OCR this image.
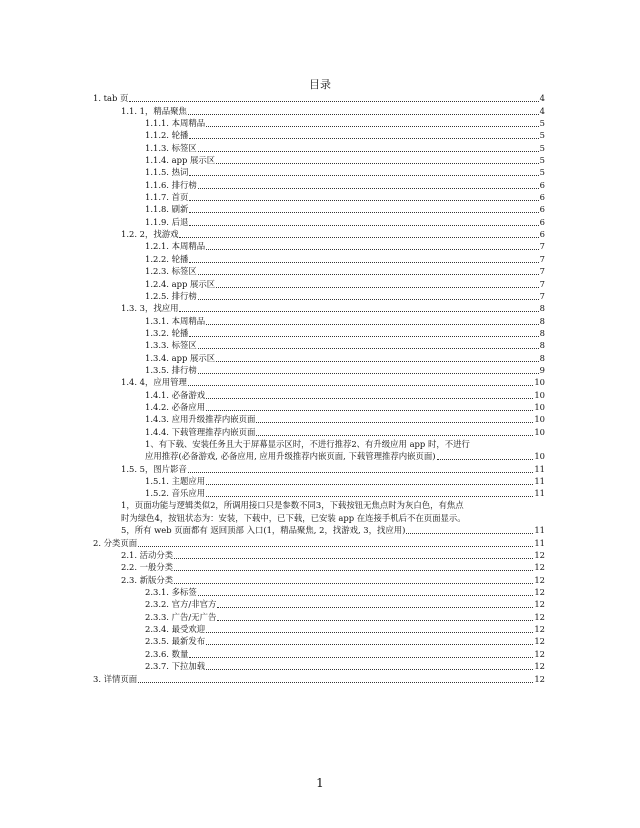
目录
1. tab 页	4
1.1. 1，精品聚焦	4
1.1.1. 本周精品	5
1.1.2. 轮播	5
1.1.3. 标签区	5
1.1.4. app 展示区	5
1.1.5. 热词	5
1.1.6. 排行榜	6
1.1.7. 首页	6
1.1.8. 刷新	6
1.1.9. 后退	6
1.2. 2，找游戏	6
1.2.1. 本周精品	7
1.2.2. 轮播	7
1.2.3. 标签区	7
1.2.4. app 展示区	7
1.2.5. 排行榜	7
1.3. 3，找应用	8
1.3.1. 本周精品	8
1.3.2. 轮播	8
1.3.3. 标签区	8
1.3.4. app 展示区	8
1.3.5. 排行榜	9
1.4. 4，应用管理	10
1.4.1. 必备游戏	10
1.4.2. 必备应用	10
1.4.3. 应用升级推荐内嵌页面	10
1.4.4. 下载管理推荐内嵌页面	10
1、有下载、安装任务且大于屏幕显示区时，不进行推荐2、有升级应用 app 时，不进行
应用推荐(必备游戏, 必备应用, 应用升级推荐内嵌页面, 下载管理推荐内嵌页面)	10
1.5. 5，图片影音	11
1.5.1. 主题应用	11
1.5.2. 音乐应用	11
1，页面功能与逻辑类似2，所调用接口只是参数不同3，下载按钮无焦点时为灰白色，有焦点
时为绿色4，按钮状态为：安装，下载中，已下载，已安装 app 在连接手机后不在页面显示。
5，所有 web 页面都有 返回顶部 入口(1，精品聚焦, 2，找游戏, 3，找应用)	11
2. 分类页面	11
2.1. 活动分类	12
2.2. 一般分类	12
2.3. 新版分类	12
2.3.1. 多标签	12
2.3.2. 官方/非官方	12
2.3.3. 广告/无广告	12
2.3.4. 最受欢迎	12
2.3.5. 最新发布	12
2.3.6. 数量	12
2.3.7. 下拉加载	12
3. 详情页面	12
1
